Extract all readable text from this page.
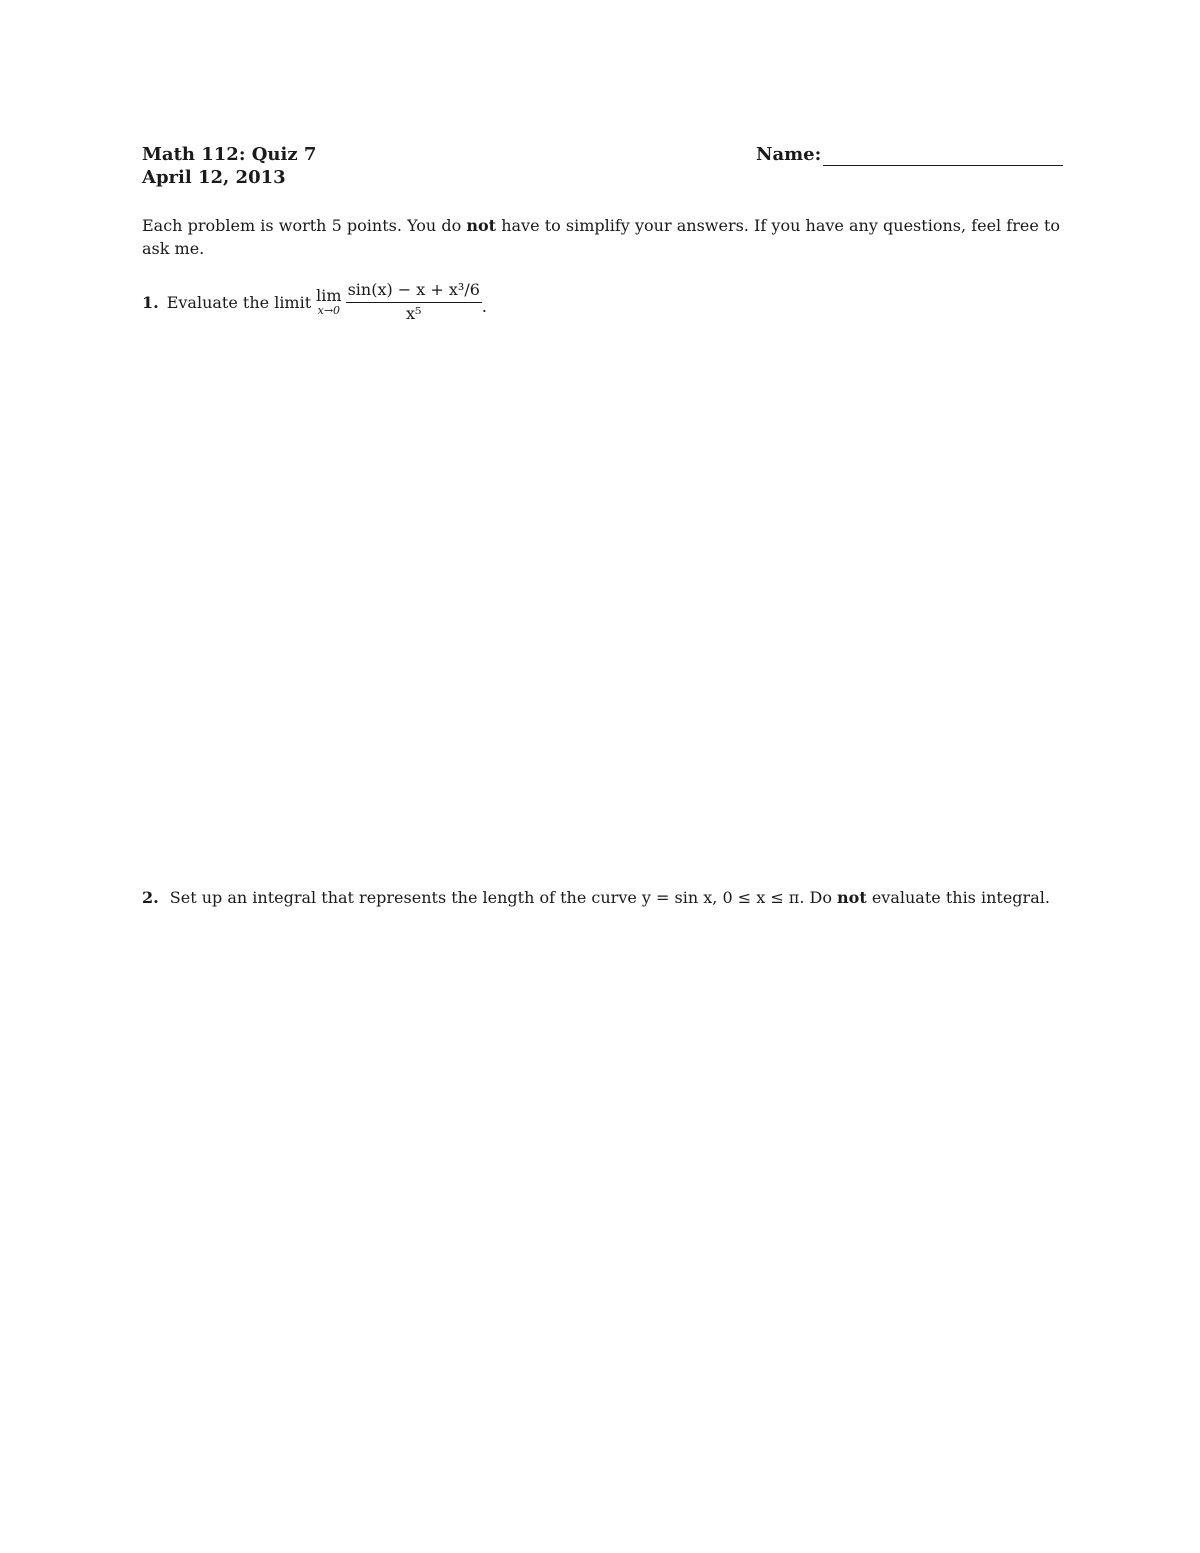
Math 112: Quiz 7
April 12, 2013
Name:
Each problem is worth 5 points. You do not have to simplify your answers. If you have any questions, feel free to ask me.
1. Evaluate the limit lim
$x\to 0 \frac{\text{sin(x) − x + x³/6}}{\text{x⁵}}$ .
2. Set up an integral that represents the length of the curve y = sin x, 0 ≤ x ≤ π. Do not evaluate this integral.
